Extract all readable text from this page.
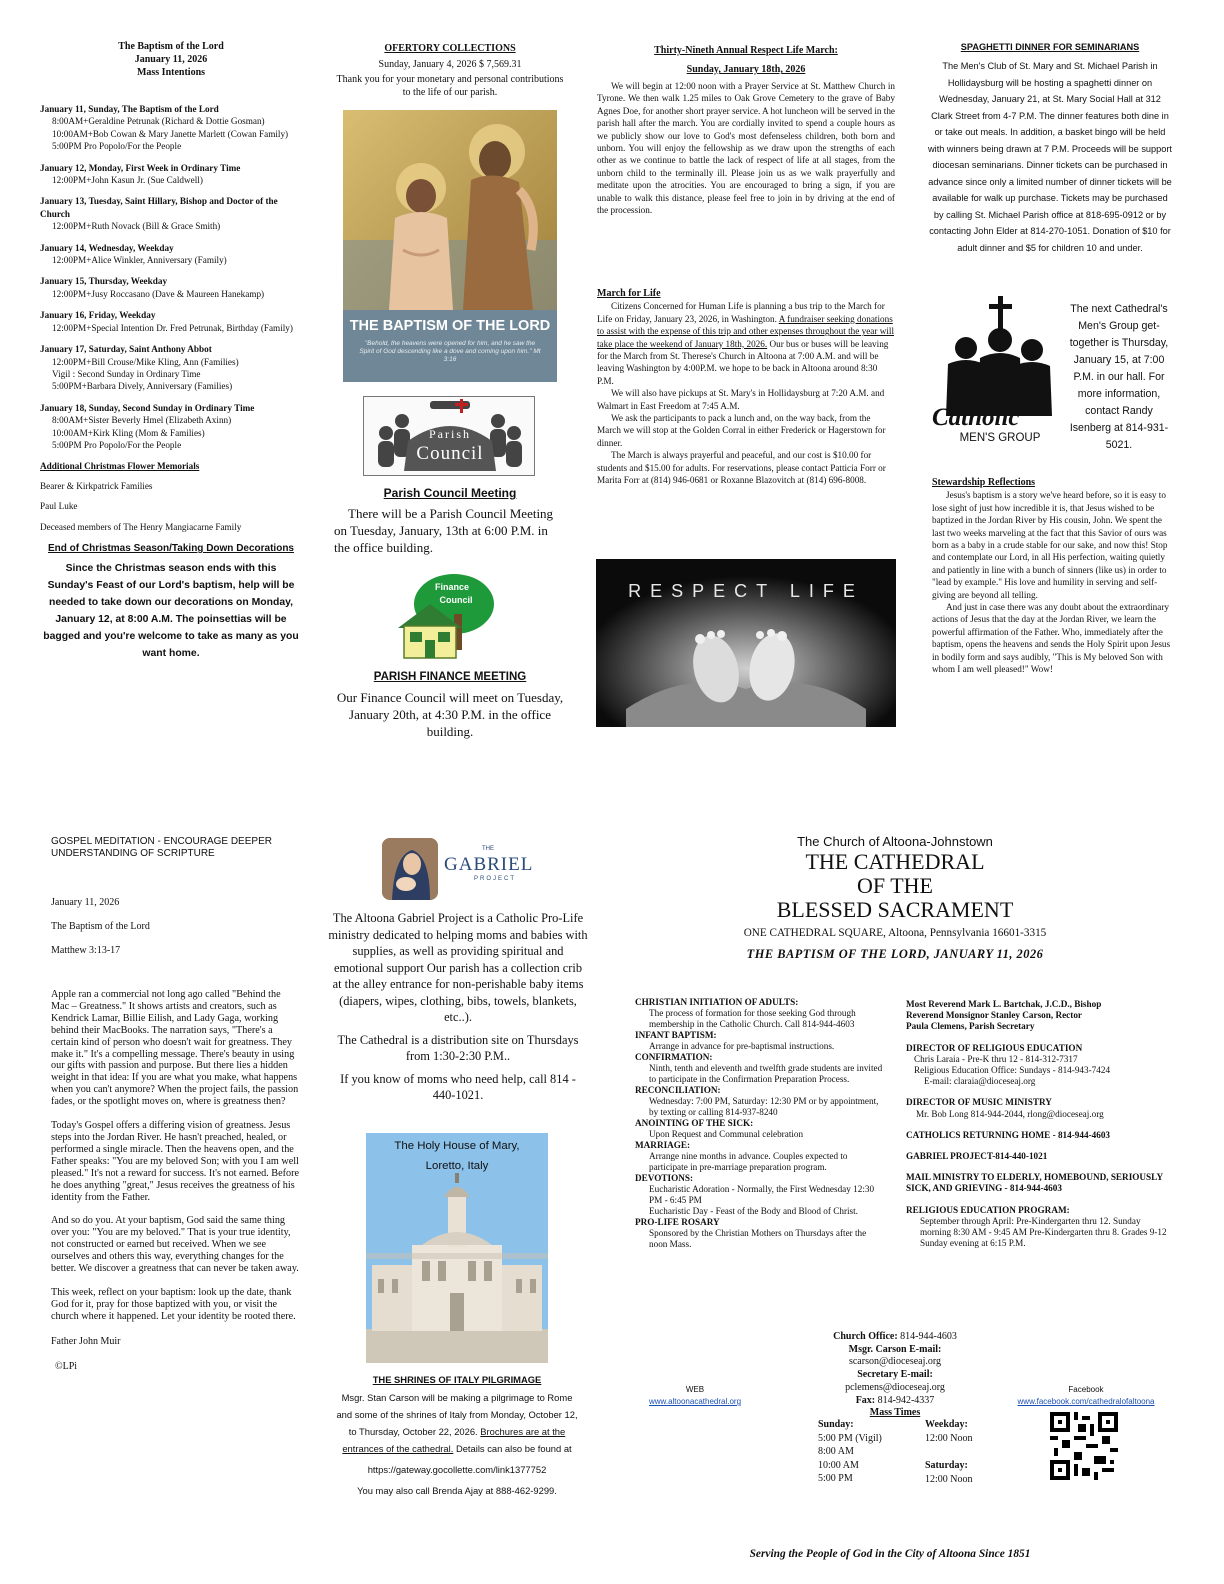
The Baptism of the Lord
January 11, 2026
Mass Intentions
January 11, Sunday, The Baptism of the Lord
8:00AM+Geraldine Petrunak (Richard & Dottie Gosman)
10:00AM+Bob Cowan & Mary Janette Marlett (Cowan Family)
5:00PM Pro Popolo/For the People
January 12, Monday, First Week in Ordinary Time
12:00PM+John Kasun Jr. (Sue Caldwell)
January 13, Tuesday, Saint Hillary, Bishop and Doctor of the Church
12:00PM+Ruth Novack (Bill & Grace Smith)
January 14, Wednesday, Weekday
12:00PM+Alice Winkler, Anniversary (Family)
January 15, Thursday, Weekday
12:00PM+Jusy Roccasano (Dave & Maureen Hanekamp)
January 16, Friday, Weekday
12:00PM+Special Intention Dr. Fred Petrunak, Birthday (Family)
January 17, Saturday, Saint Anthony Abbot
12:00PM+Bill Crouse/Mike Kling, Ann (Families)
Vigil : Second Sunday in Ordinary Time
5:00PM+Barbara Dively, Anniversary (Families)
January 18, Sunday, Second Sunday in Ordinary Time
8:00AM+Sister Beverly Hmel (Elizabeth Axinn)
10:00AM+Kirk Kling (Mom & Families)
5:00PM Pro Popolo/For the People
Additional Christmas Flower Memorials
Bearer & Kirkpatrick Families
Paul Luke
Deceased members of The Henry Mangiacarne Family
End of Christmas Season/Taking Down Decorations
Since the Christmas season ends with this Sunday's Feast of our Lord's baptism, help will be needed to take down our decorations on Monday, January 12, at 8:00 A.M. The poinsettias will be bagged and you're welcome to take as many as you want home.
OFERTORY COLLECTIONS
Sunday, January 4, 2026 $ 7,569.31
Thank you for your monetary and personal contributions to the life of our parish.
THE BAPTISM OF THE LORD
"Behold, the heavens were opened for him, and he saw the Spirit of God descending like a dove and coming upon him." Mt 3:16
Parish
Council
Parish Council Meeting
There will be a Parish Council Meeting on Tuesday, January, 13th at 6:00 P.M. in the office building.
Finance
Council
PARISH FINANCE MEETING
Our Finance Council will meet on Tuesday, January 20th, at 4:30 P.M. in the office building.
Thirty-Nineth Annual Respect Life March:
Sunday, January 18th, 2026
We will begin at 12:00 noon with a Prayer Service at St. Matthew Church in Tyrone. We then walk 1.25 miles to Oak Grove Cemetery to the grave of Baby Agnes Doe, for another short prayer service. A hot luncheon will be served in the parish hall after the march. You are cordially invited to spend a couple hours as we publicly show our love to God's most defenseless children, both born and unborn. You will enjoy the fellowship as we draw upon the strengths of each other as we continue to battle the lack of respect of life at all stages, from the unborn child to the terminally ill. Please join us as we walk prayerfully and meditate upon the atrocities. You are encouraged to bring a sign, if you are unable to walk this distance, please feel free to join in by driving at the end of the procession.
March for Life
Citizens Concerned for Human Life is planning a bus trip to the March for Life on Friday, January 23, 2026, in Washington. A fundraiser seeking donations to assist with the expense of this trip and other expenses throughout the year will take place the weekend of January 18th, 2026. Our bus or buses will be leaving for the March from St. Therese's Church in Altoona at 7:00 A.M. and will be leaving Washington by 4:00P.M. we hope to be back in Altoona around 8:30 P.M.
We will also have pickups at St. Mary's in Hollidaysburg at 7:20 A.M. and Walmart in East Freedom at 7:45 A.M.
We ask the participants to pack a lunch and, on the way back, from the March we will stop at the Golden Corral in either Frederick or Hagerstown for dinner.
The March is always prayerful and peaceful, and our cost is $10.00 for students and $15.00 for adults. For reservations, please contact Patticia Forr or Marita Forr at (814) 946-0681 or Roxanne Blazovitch at (814) 696-8008.
RESPECT LIFE
SPAGHETTI DINNER FOR SEMINARIANS
The Men's Club of St. Mary and St. Michael Parish in Hollidaysburg will be hosting a spaghetti dinner on Wednesday, January 21, at St. Mary Social Hall at 312 Clark Street from 4-7 P.M. The dinner features both dine in or take out meals. In addition, a basket bingo will be held with winners being drawn at 7 P.M. Proceeds will be support diocesan seminarians. Dinner tickets can be purchased in advance since only a limited number of dinner tickets will be available for walk up purchase. Tickets may be purchased by calling St. Michael Parish office at 818-695-0912 or by contacting John Elder at 814-270-1051. Donation of $10 for adult dinner and $5 for children 10 and under.
Catholic
MEN'S GROUP
The next Cathedral's Men's Group get-together is Thursday, January 15, at 7:00 P.M. in our hall. For more information, contact Randy Isenberg at 814-931-5021.
Stewardship Reflections
Jesus's baptism is a story we've heard before, so it is easy to lose sight of just how incredible it is, that Jesus wished to be baptized in the Jordan River by His cousin, John. We spent the last two weeks marveling at the fact that this Savior of ours was born as a baby in a crude stable for our sake, and now this! Stop and contemplate our Lord, in all His perfection, waiting quietly and patiently in line with a bunch of sinners (like us) in order to "lead by example." His love and humility in serving and self-giving are beyond all telling.
And just in case there was any doubt about the extraordinary actions of Jesus that the day at the Jordan River, we learn the powerful affirmation of the Father. Who, immediately after the baptism, opens the heavens and sends the Holy Spirit upon Jesus in bodily form and says audibly, "This is My beloved Son with whom I am well pleased!" Wow!
GOSPEL MEDITATION - ENCOURAGE DEEPER UNDERSTANDING OF SCRIPTURE
January 11, 2026
The Baptism of the Lord
Matthew 3:13-17
Apple ran a commercial not long ago called "Behind the Mac – Greatness." It shows artists and creators, such as Kendrick Lamar, Billie Eilish, and Lady Gaga, working behind their MacBooks. The narration says, "There's a certain kind of person who doesn't wait for greatness. They make it." It's a compelling message. There's beauty in using our gifts with passion and purpose. But there lies a hidden weight in that idea: If you are what you make, what happens when you can't anymore? When the project fails, the passion fades, or the spotlight moves on, where is greatness then?
Today's Gospel offers a differing vision of greatness. Jesus steps into the Jordan River. He hasn't preached, healed, or performed a single miracle. Then the heavens open, and the Father speaks: "You are my beloved Son; with you I am well pleased." It's not a reward for success. It's not earned. Before he does anything "great," Jesus receives the greatness of his identity from the Father.
And so do you. At your baptism, God said the same thing over you: "You are my beloved." That is your true identity, not constructed or earned but received. When we see ourselves and others this way, everything changes for the better. We discover a greatness that can never be taken away.
This week, reflect on your baptism: look up the date, thank God for it, pray for those baptized with you, or visit the church where it happened. Let your identity be rooted there.
Father John Muir
©LPi
THE
GABRIEL
PROJECT
The Altoona Gabriel Project is a Catholic Pro-Life ministry dedicated to helping moms and babies with supplies, as well as providing spiritual and emotional support Our parish has a collection crib at the alley entrance for non-perishable baby items (diapers, wipes, clothing, bibs, towels, blankets, etc..).
The Cathedral is a distribution site on Thursdays from 1:30-2:30 P.M..
If you know of moms who need help, call 814 - 440-1021.
The Holy House of Mary, Loretto, Italy
THE SHRINES OF ITALY PILGRIMAGE
Msgr. Stan Carson will be making a pilgrimage to Rome and some of the shrines of Italy from Monday, October 12, to Thursday, October 22, 2026. Brochures are at the entrances of the cathedral. Details can also be found at
https://gateway.gocollette.com/link1377752
You may also call Brenda Ajay at 888-462-9299.
The Church of Altoona-Johnstown
THE CATHEDRAL
OF THE
BLESSED SACRAMENT
ONE CATHEDRAL SQUARE, Altoona, Pennsylvania 16601-3315
THE BAPTISM OF THE LORD, JANUARY 11, 2026
CHRISTIAN INITIATION OF ADULTS:
The process of formation for those seeking God through membership in the Catholic Church. Call 814-944-4603
INFANT BAPTISM:
Arrange in advance for pre-baptismal instructions.
CONFIRMATION:
Ninth, tenth and eleventh and twelfth grade students are invited to participate in the Confirmation Preparation Process.
RECONCILIATION:
Wednesday: 7:00 PM, Saturday: 12:30 PM or by appointment, by texting or calling 814-937-8240
ANOINTING OF THE SICK:
Upon Request and Communal celebration
MARRIAGE:
Arrange nine months in advance. Couples expected to participate in pre-marriage preparation program.
DEVOTIONS:
Eucharistic Adoration - Normally, the First Wednesday 12:30 PM - 6:45 PM
Eucharistic Day - Feast of the Body and Blood of Christ.
PRO-LIFE ROSARY
Sponsored by the Christian Mothers on Thursdays after the noon Mass.
Most Reverend Mark L. Bartchak, J.C.D., Bishop
Reverend Monsignor Stanley Carson, Rector
Paula Clemens, Parish Secretary
DIRECTOR OF RELIGIOUS EDUCATION
Chris Laraia - Pre-K thru 12 - 814-312-7317
Religious Education Office: Sundays - 814-943-7424
E-mail: claraia@dioceseaj.org
DIRECTOR OF MUSIC MINISTRY
Mr. Bob Long 814-944-2044, rlong@dioceseaj.org
CATHOLICS RETURNING HOME - 814-944-4603
GABRIEL PROJECT-814-440-1021
MAIL MINISTRY TO ELDERLY, HOMEBOUND, SERIOUSLY SICK, AND GRIEVING - 814-944-4603
RELIGIOUS EDUCATION PROGRAM:
September through April: Pre-Kindergarten thru 12. Sunday morning 8:30 AM - 9:45 AM Pre-Kindergarten thru 8. Grades 9-12 Sunday evening at 6:15 P.M.
Church Office: 814-944-4603
Msgr. Carson E-mail:
scarson@dioceseaj.org
Secretary E-mail:
pclemens@dioceseaj.org
Fax: 814-942-4337
Mass Times
Sunday:
5:00 PM (Vigil)
8:00 AM
10:00 AM
5:00 PM
Weekday:
12:00 Noon
Saturday:
12:00 Noon
WEB
www.altoonacathedral.org
Facebook
www.facebook.com/cathedralofaltoona
Serving the People of God in the City of Altoona Since 1851
